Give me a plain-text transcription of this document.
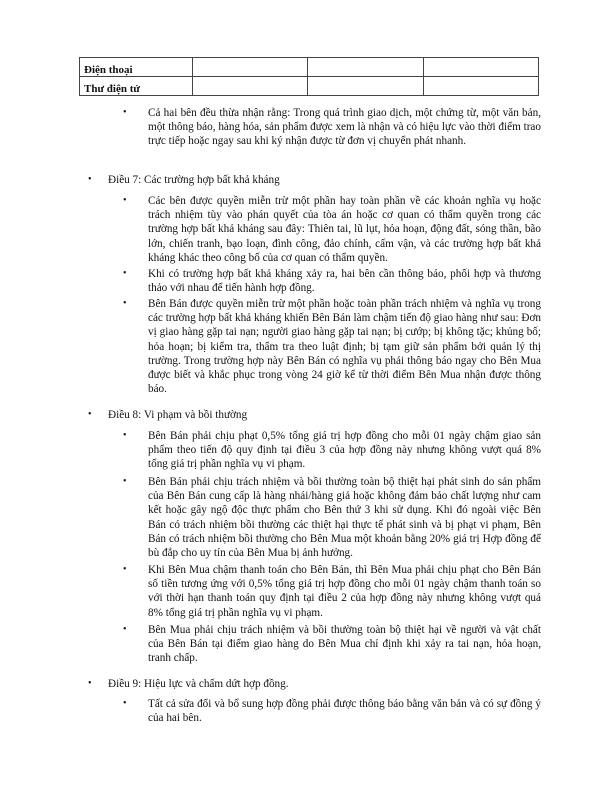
Điện thoại			
Thư điện tử			
• Cả hai bên đều thừa nhận rằng: Trong quá trình giao dịch, một chứng từ, một văn bản, một thông báo, hàng hóa, sản phẩm được xem là nhận và có hiệu lực vào thời điểm trao trực tiếp hoặc ngay sau khi ký nhận được từ đơn vị chuyển phát nhanh.
• Điều 7: Các trường hợp bất khả kháng
• Các bên được quyền miễn trừ một phần hay toàn phần về các khoản nghĩa vụ hoặc trách nhiệm tùy vào phán quyết của tòa án hoặc cơ quan có thẩm quyền trong các trường hợp bất khả kháng sau đây: Thiên tai, lũ lụt, hỏa hoạn, động đất, sóng thần, bão lớn, chiến tranh, bạo loạn, đình công, đảo chính, cấm vận, và các trường hợp bất khả kháng khác theo công bố của cơ quan có thẩm quyền.
• Khi có trường hợp bất khả kháng xảy ra, hai bên cần thông báo, phối hợp và thương thảo với nhau để tiến hành hợp đồng.
• Bên Bán được quyền miễn trừ một phần hoặc toàn phần trách nhiệm và nghĩa vụ trong các trường hợp bất khả kháng khiến Bên Bán làm chậm tiến độ giao hàng như sau: Đơn vị giao hàng gặp tai nạn; người giao hàng gặp tai nạn; bị cướp; bị không tặc; khủng bố; hỏa hoạn; bị kiểm tra, thẩm tra theo luật định; bị tạm giữ sản phẩm bởi quản lý thị trường. Trong trường hợp này Bên Bán có nghĩa vụ phải thông báo ngay cho Bên Mua được biết và khắc phục trong vòng 24 giờ kể từ thời điểm Bên Mua nhận được thông báo.
• Điều 8: Vi phạm và bồi thường
• Bên Bán phải chịu phạt 0,5% tổng giá trị hợp đồng cho mỗi 01 ngày chậm giao sản phẩm theo tiến độ quy định tại điều 3 của hợp đồng này nhưng không vượt quá 8% tổng giá trị phần nghĩa vụ vi phạm.
• Bên Bán phải chịu trách nhiệm và bồi thường toàn bộ thiệt hại phát sinh do sản phẩm của Bên Bán cung cấp là hàng nhái/hàng giả hoặc không đảm bảo chất lượng như cam kết hoặc gây ngộ độc thực phẩm cho Bên thứ 3 khi sử dụng. Khi đó ngoài việc Bên Bán có trách nhiệm bồi thường các thiệt hại thực tế phát sinh và bị phạt vi phạm, Bên Bán có trách nhiệm bồi thường cho Bên Mua một khoản bằng 20% giá trị Hợp đồng để bù đắp cho uy tín của Bên Mua bị ảnh hưởng.
• Khi Bên Mua chậm thanh toán cho Bên Bán, thì Bên Mua phải chịu phạt cho Bên Bán số tiền tương ứng với 0,5% tổng giá trị hợp đồng cho mỗi 01 ngày chậm thanh toán so với thời hạn thanh toán quy định tại điều 2 của hợp đồng này nhưng không vượt quá 8% tổng giá trị phần nghĩa vụ vi phạm.
• Bên Mua phải chịu trách nhiệm và bồi thường toàn bộ thiệt hại về người và vật chất của Bên Bán tại điểm giao hàng do Bên Mua chỉ định khi xảy ra tai nạn, hỏa hoạn, tranh chấp.
• Điều 9: Hiệu lực và chấm dứt hợp đồng.
• Tất cả sửa đổi và bổ sung hợp đồng phải được thông báo bằng văn bản và có sự đồng ý của hai bên.
